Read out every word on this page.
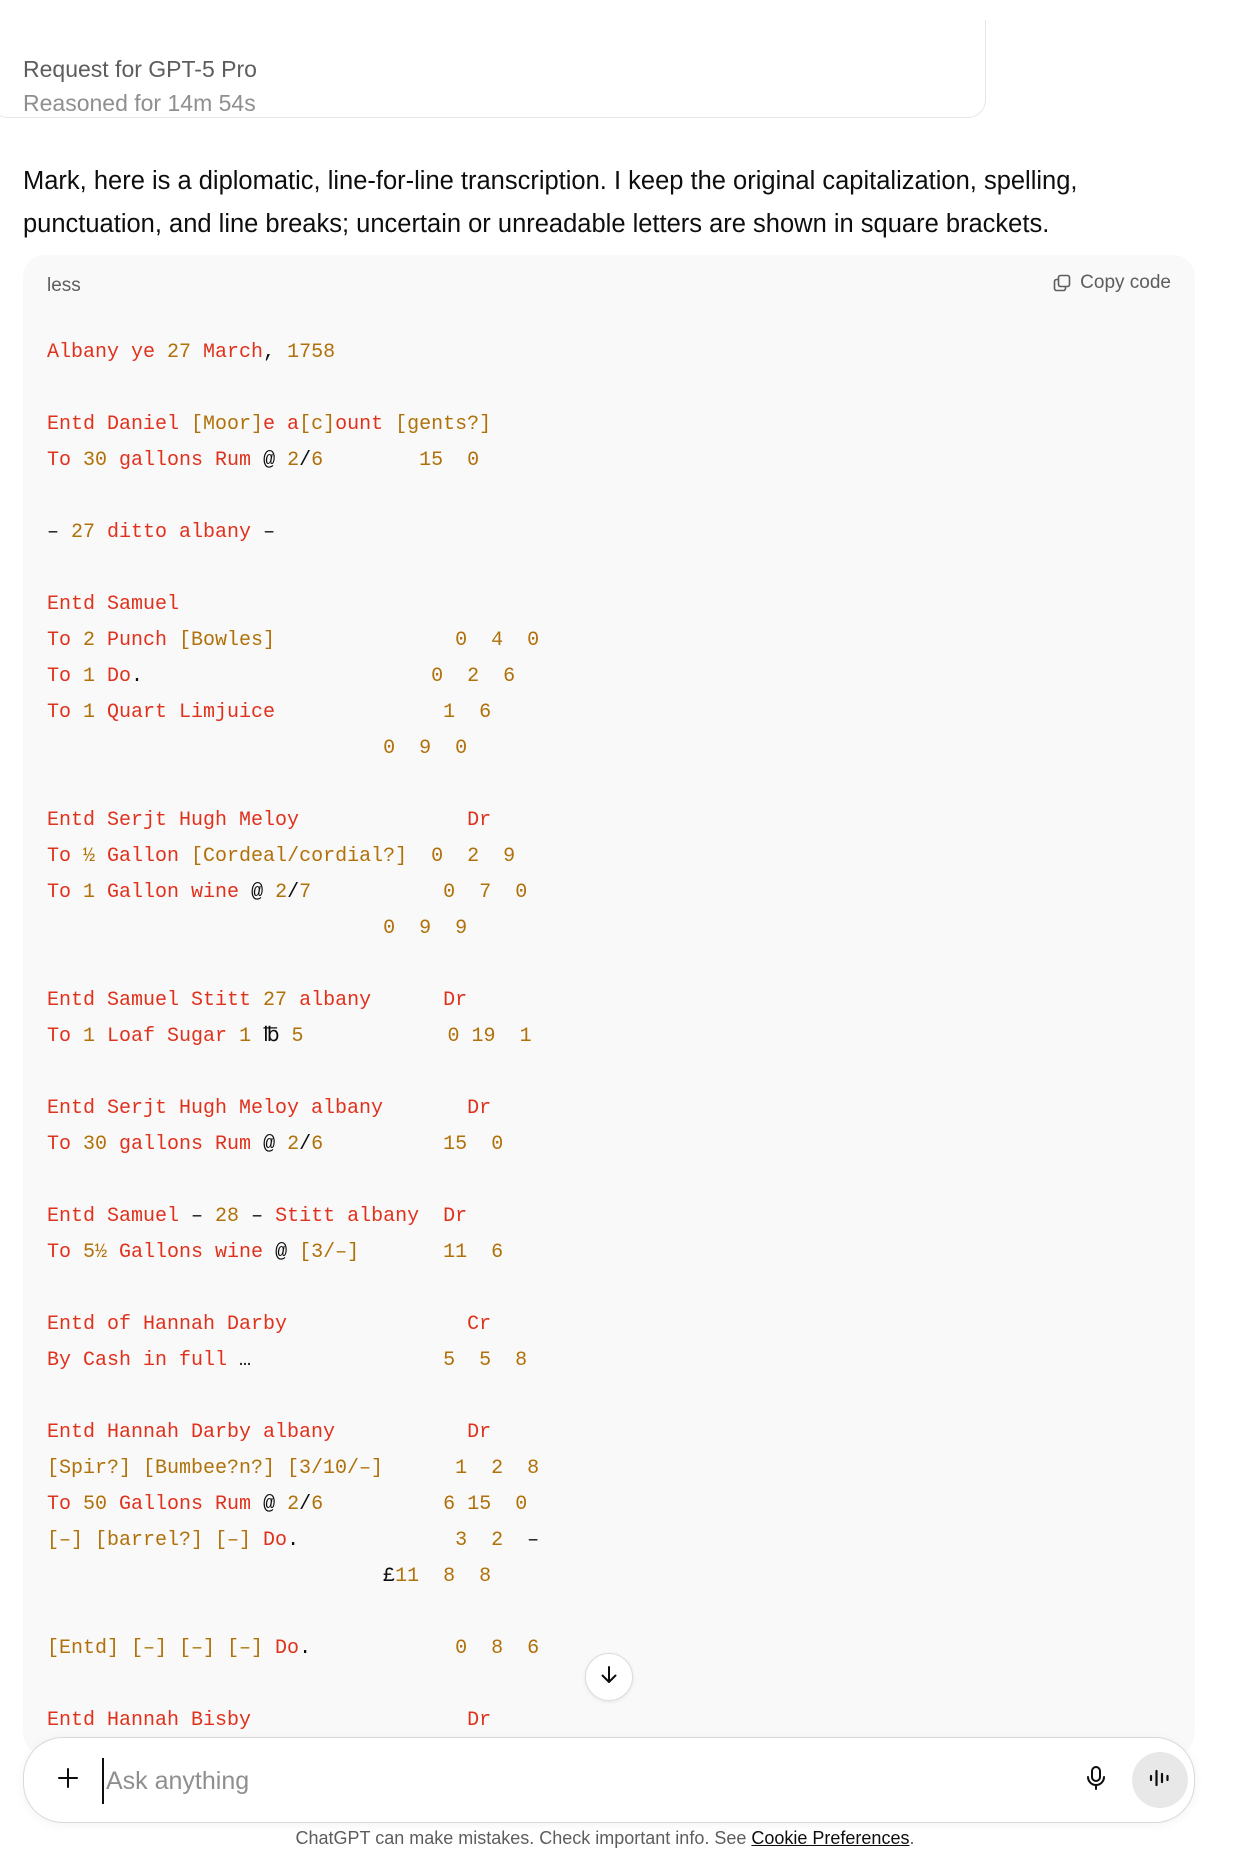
Request for GPT-5 Pro
Reasoned for 14m 54s
Mark, here is a diplomatic, line-for-line transcription. I keep the original capitalization, spelling, punctuation, and line breaks; uncertain or unreadable letters are shown in square brackets.
less	Copy code
Albany ye 27 March, 1758
Entd Daniel [Moor]e a[c]ount [gents?]
To 30 gallons Rum @ 2/6	15 0
– 27 ditto albany –
Entd Samuel
To 2 Punch [Bowles]	0 4 0
To 1 Do.	0 2 6
To 1 Quart Limjuice	1 6
0 9 0
Entd Serjt Hugh Meloy	Dr
To ½ Gallon [Cordeal/cordial?] 0 2 9
To 1 Gallon wine @ 2/7	0 7 0
0 9 9
Entd Samuel Stitt 27 albany	Dr
To 1 Loaf Sugar 1 ℔ 5	0 19 1
Entd Serjt Hugh Meloy albany	Dr
To 30 gallons Rum @ 2/6	15 0
Entd Samuel – 28 – Stitt albany Dr
To 5½ Gallons wine @ [3/–]	11 6
Entd of Hannah Darby	Cr
By Cash in full …	5 5 8
Entd Hannah Darby albany	Dr
[Spir?] [Bumbee?n?] [3/10/–]	1 2 8
To 50 Gallons Rum @ 2/6	6 15 0
[–] [barrel?] [–] Do.	3 2  –
£11 8 8
[Entd] [–] [–] [–] Do.	0 8 6
Entd Hannah Bisby	Dr
Ask anything
ChatGPT can make mistakes. Check important info. See Cookie Preferences.
